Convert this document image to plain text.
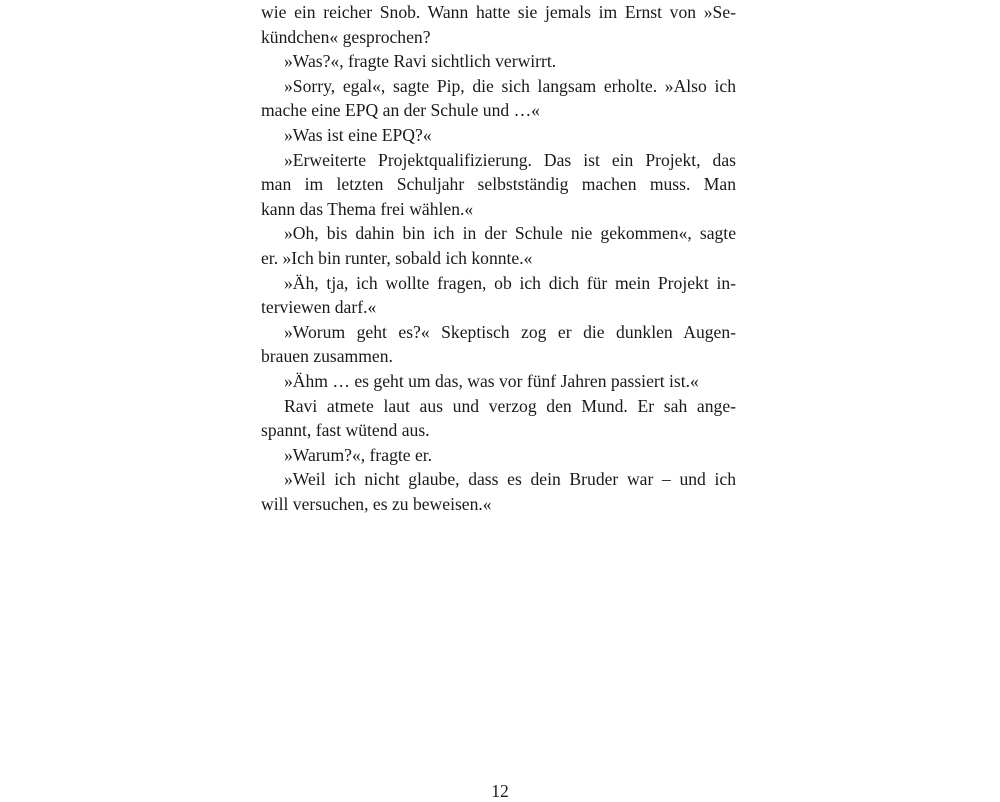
wie ein reicher Snob. Wann hatte sie jemals im Ernst von »Se-
kündchen« gesprochen?
»Was?«, fragte Ravi sichtlich verwirrt.
»Sorry, egal«, sagte Pip, die sich langsam erholte. »Also ich
mache eine EPQ an der Schule und …«
»Was ist eine EPQ?«
»Erweiterte Projektqualifizierung. Das ist ein Projekt, das
man im letzten Schuljahr selbstständig machen muss. Man
kann das Thema frei wählen.«
»Oh, bis dahin bin ich in der Schule nie gekommen«, sagte
er. »Ich bin runter, sobald ich konnte.«
»Äh, tja, ich wollte fragen, ob ich dich für mein Projekt in-
terviewen darf.«
»Worum geht es?« Skeptisch zog er die dunklen Augen-
brauen zusammen.
»Ähm … es geht um das, was vor fünf Jahren passiert ist.«
Ravi atmete laut aus und verzog den Mund. Er sah ange-
spannt, fast wütend aus.
»Warum?«, fragte er.
»Weil ich nicht glaube, dass es dein Bruder war – und ich
will versuchen, es zu beweisen.«
12
